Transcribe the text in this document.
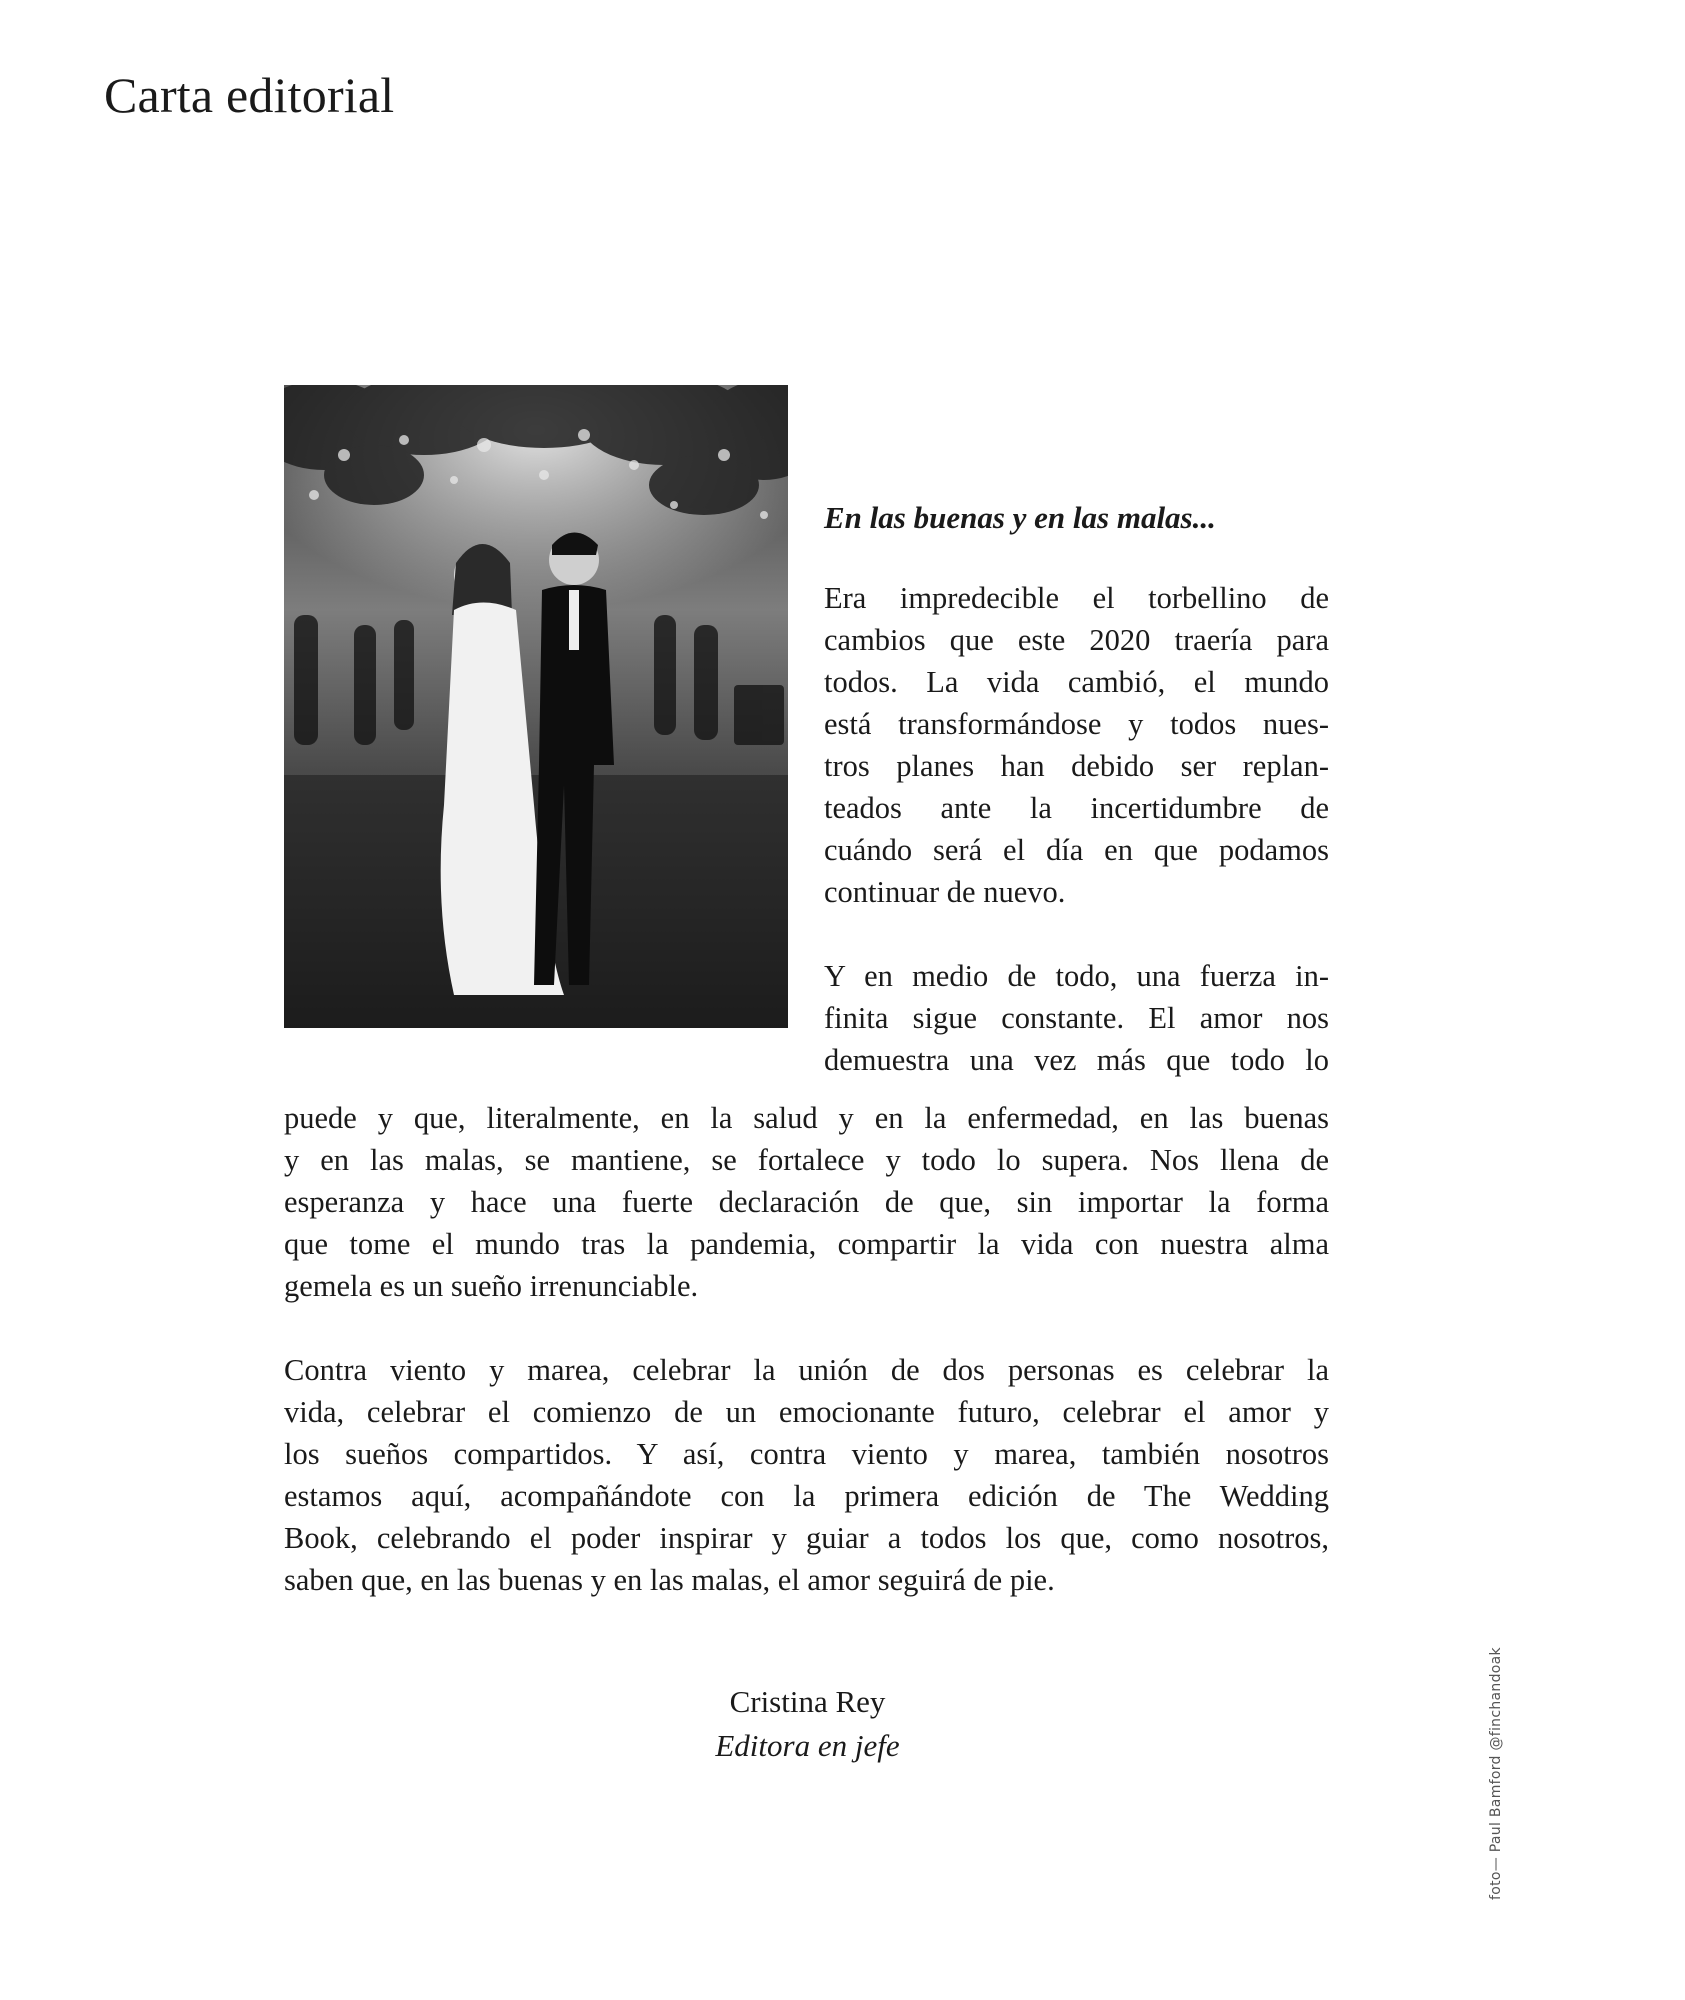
Carta editorial

En las buenas y en las malas...

Era impredecible el torbellino de
cambios que este 2020 traería para
todos. La vida cambió, el mundo
está transformándose y todos nues-
tros planes han debido ser replan-
teados ante la incertidumbre de
cuándo será el día en que podamos
continuar de nuevo.

Y en medio de todo, una fuerza in-
finita sigue constante. El amor nos
demuestra una vez más que todo lo

puede y que, literalmente, en la salud y en la enfermedad, en las buenas
y en las malas, se mantiene, se fortalece y todo lo supera. Nos llena de
esperanza y hace una fuerte declaración de que, sin importar la forma
que tome el mundo tras la pandemia, compartir la vida con nuestra alma
gemela es un sueño irrenunciable.

Contra viento y marea, celebrar la unión de dos personas es celebrar la
vida, celebrar el comienzo de un emocionante futuro, celebrar el amor y
los sueños compartidos. Y así, contra viento y marea, también nosotros
estamos aquí, acompañándote con la primera edición de The Wedding
Book, celebrando el poder inspirar y guiar a todos los que, como nosotros,
saben que, en las buenas y en las malas, el amor seguirá de pie.

Cristina Rey
Editora en jefe	foto— Paul Bamford @finchandoak
